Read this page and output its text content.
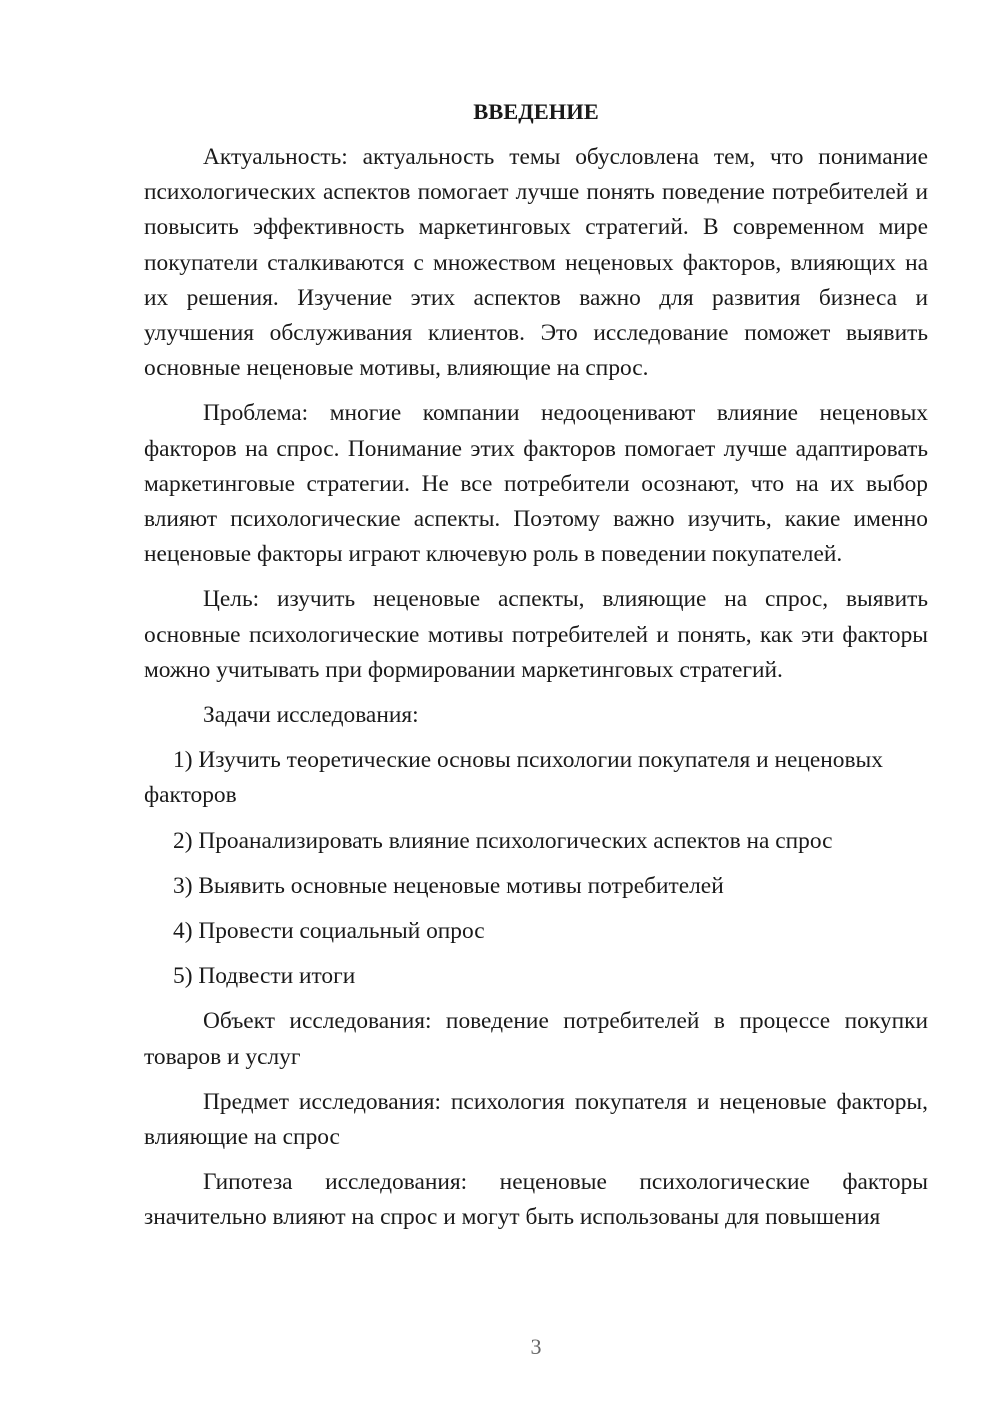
ВВЕДЕНИЕ
Актуальность: актуальность темы обусловлена тем, что понимание психологических аспектов помогает лучше понять поведение потребителей и повысить эффективность маркетинговых стратегий. В современном мире покупатели сталкиваются с множеством неценовых факторов, влияющих на их решения. Изучение этих аспектов важно для развития бизнеса и улучшения обслуживания клиентов. Это исследование поможет выявить основные неценовые мотивы, влияющие на спрос.
Проблема: многие компании недооценивают влияние неценовых факторов на спрос. Понимание этих факторов помогает лучше адаптировать маркетинговые стратегии. Не все потребители осознают, что на их выбор влияют психологические аспекты. Поэтому важно изучить, какие именно неценовые факторы играют ключевую роль в поведении покупателей.
Цель: изучить неценовые аспекты, влияющие на спрос, выявить основные психологические мотивы потребителей и понять, как эти факторы можно учитывать при формировании маркетинговых стратегий.
Задачи исследования:
1) Изучить теоретические основы психологии покупателя и неценовых факторов
2) Проанализировать влияние психологических аспектов на спрос
3) Выявить основные неценовые мотивы потребителей
4) Провести социальный опрос
5) Подвести итоги
Объект исследования: поведение потребителей в процессе покупки товаров и услуг
Предмет исследования: психология покупателя и неценовые факторы, влияющие на спрос
Гипотеза исследования: неценовые психологические факторы значительно влияют на спрос и могут быть использованы для повышения
3
